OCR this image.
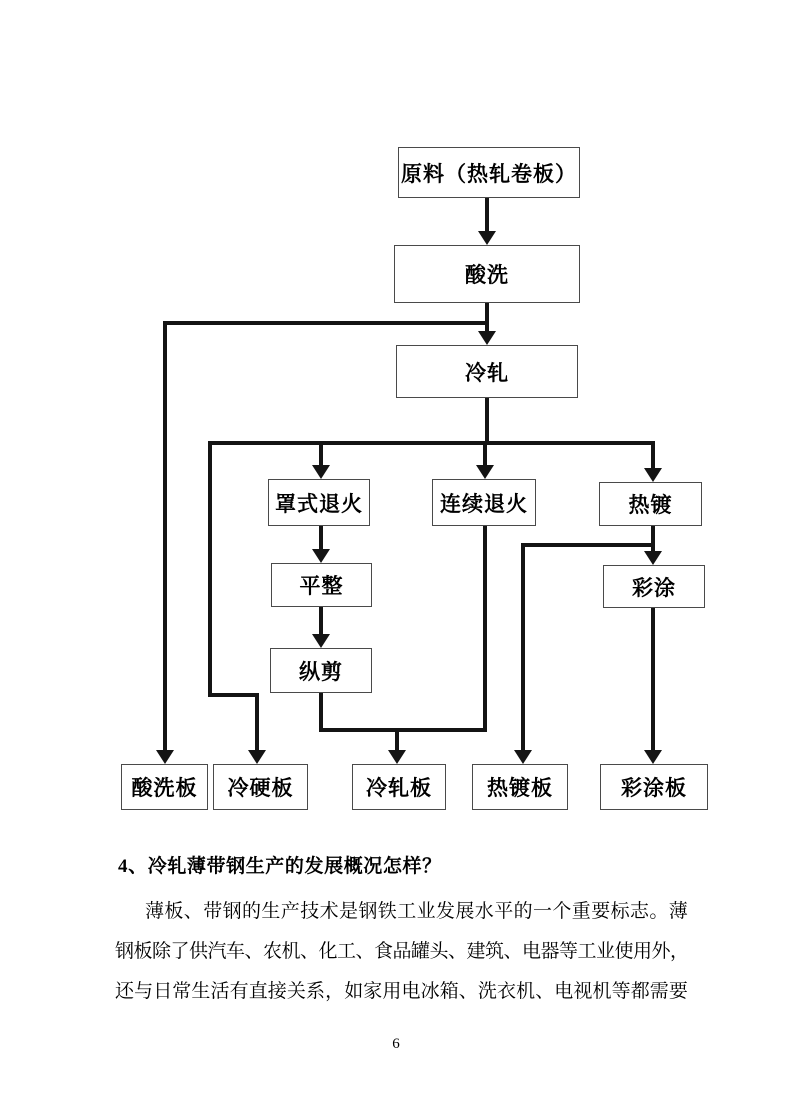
原料（热轧卷板）
酸洗
冷轧
罩式退火	连续退火	热镀
平整	彩涂
纵剪
酸洗板	冷硬板	冷轧板	热镀板	彩涂板
4、冷轧薄带钢生产的发展概况怎样？
薄板、带钢的生产技术是钢铁工业发展水平的一个重要标志。薄
钢板除了供汽车、农机、化工、食品罐头、建筑、电器等工业使用外，
还与日常生活有直接关系，如家用电冰箱、洗衣机、电视机等都需要
6
